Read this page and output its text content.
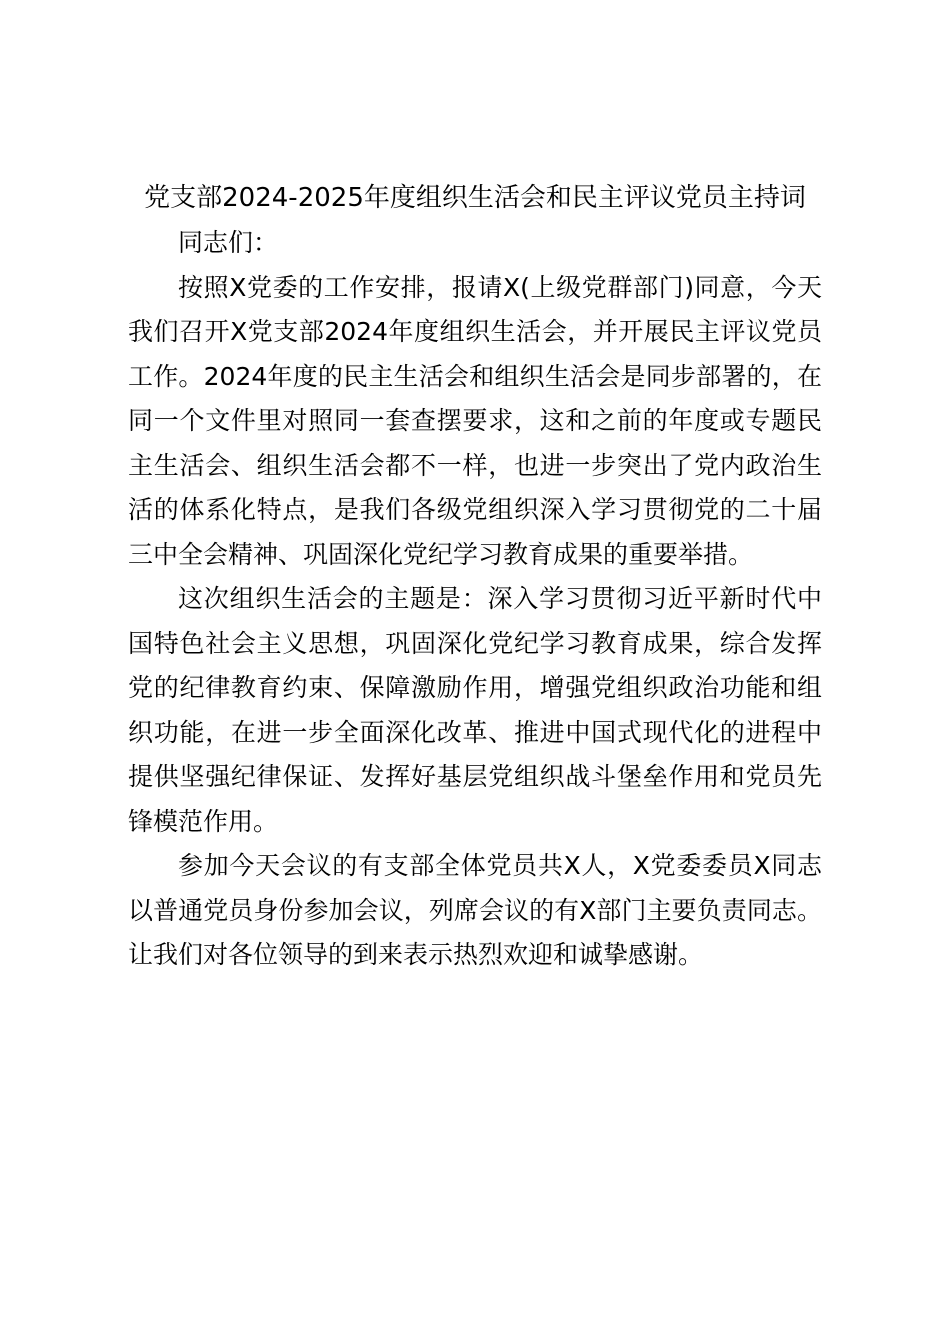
党支部2024-2025年度组织生活会和民主评议党员主持词

同志们：

按照X党委的工作安排，报请X(上级党群部门)同意，今天我们召开X党支部2024年度组织生活会，并开展民主评议党员工作。2024年度的民主生活会和组织生活会是同步部署的，在同一个文件里对照同一套查摆要求，这和之前的年度或专题民主生活会、组织生活会都不一样，也进一步突出了党内政治生活的体系化特点，是我们各级党组织深入学习贯彻党的二十届三中全会精神、巩固深化党纪学习教育成果的重要举措。

这次组织生活会的主题是：深入学习贯彻习近平新时代中国特色社会主义思想，巩固深化党纪学习教育成果，综合发挥党的纪律教育约束、保障激励作用，增强党组织政治功能和组织功能，在进一步全面深化改革、推进中国式现代化的进程中提供坚强纪律保证、发挥好基层党组织战斗堡垒作用和党员先锋模范作用。

参加今天会议的有支部全体党员共X人，X党委委员X同志以普通党员身份参加会议，列席会议的有X部门主要负责同志。让我们对各位领导的到来表示热烈欢迎和诚挚感谢。
